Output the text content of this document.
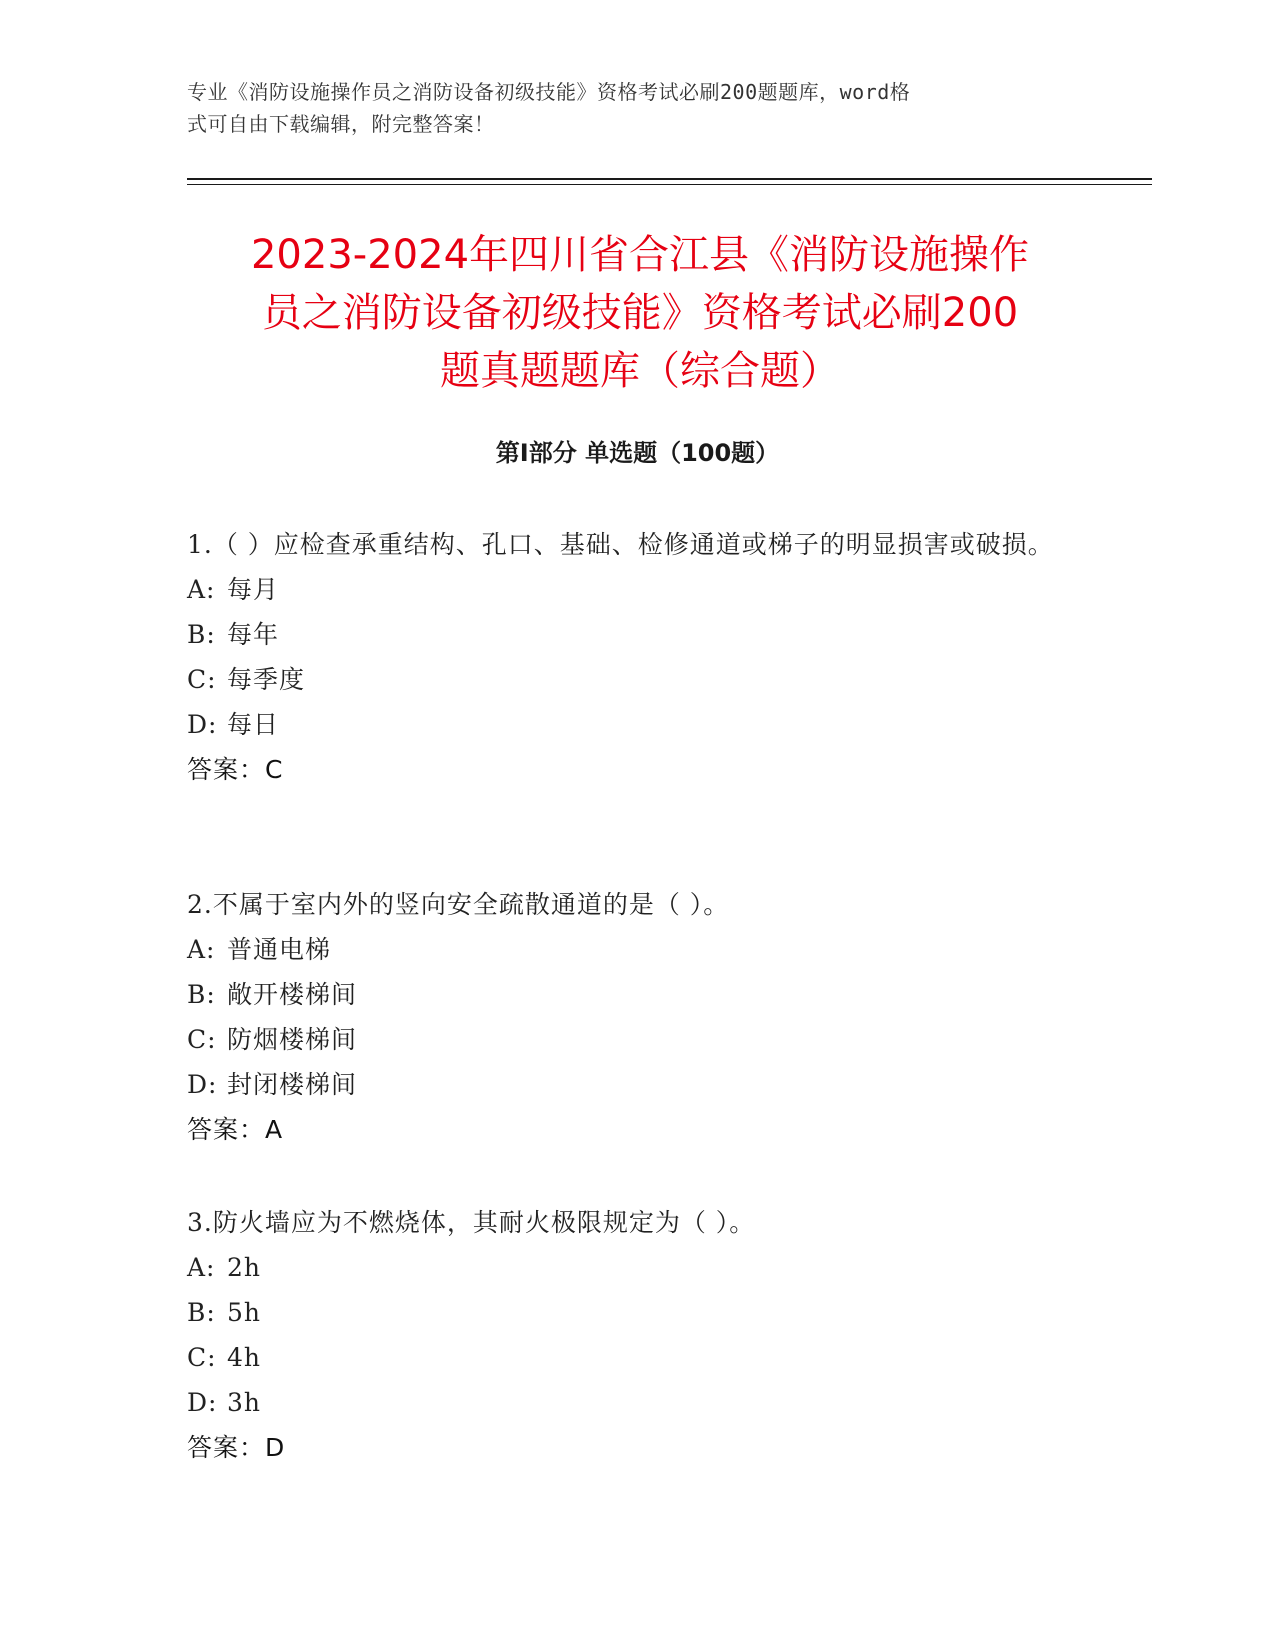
专业《消防设施操作员之消防设备初级技能》资格考试必刷200题题库，word格
式可自由下载编辑，附完整答案！
2023-2024年四川省合江县《消防设施操作
员之消防设备初级技能》资格考试必刷200
题真题题库（综合题）
第Ⅰ部分 单选题（100题）
1.（ ）应检查承重结构、孔口、基础、检修通道或梯子的明显损害或破损。
A: 每月
B: 每年
C: 每季度
D: 每日
答案：C
2.不属于室内外的竖向安全疏散通道的是（ ）。
A: 普通电梯
B: 敞开楼梯间
C: 防烟楼梯间
D: 封闭楼梯间
答案：A
3.防火墙应为不燃烧体，其耐火极限规定为（ ）。
A: 2h
B: 5h
C: 4h
D: 3h
答案：D
